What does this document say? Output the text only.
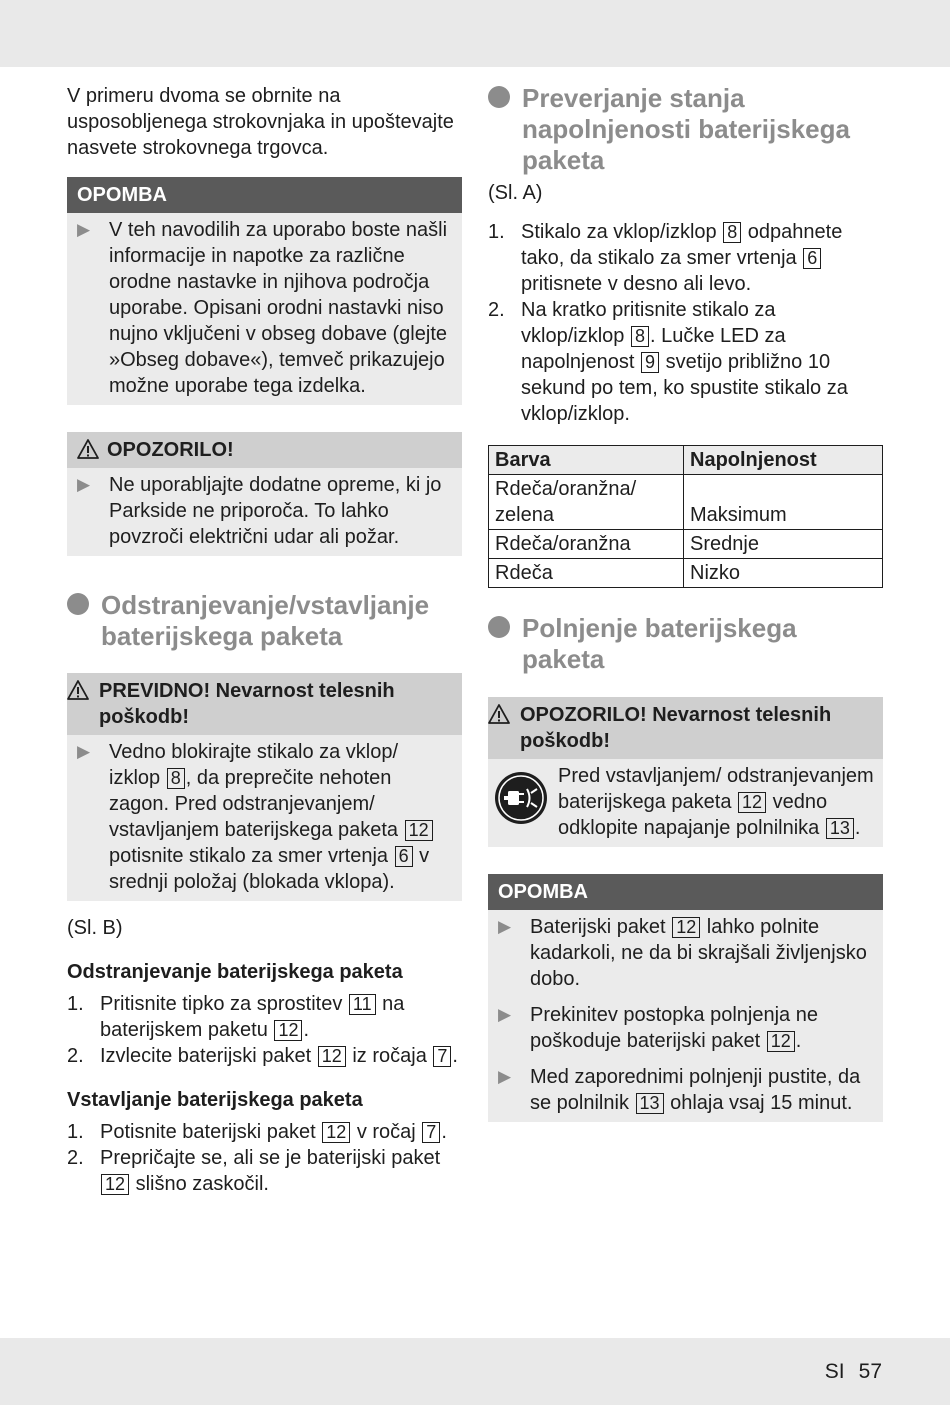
V primeru dvoma se obrnite na usposobljenega strokovnjaka in upoštevajte nasvete strokovnega trgovca.

OPOMBA
▶ V teh navodilih za uporabo boste našli informacije in napotke za različne orodne nastavke in njihova področja uporabe. Opisani orodni nastavki niso nujno vključeni v obseg dobave (glejte »Obseg dobave«), temveč prikazujejo možne uporabe tega izdelka.
OPOZORILO!
▶ Ne uporabljajte dodatne opreme, ki jo Parkside ne priporoča. To lahko povzroči električni udar ali požar.
Odstranjevanje/vstavljanje baterijskega paketa
PREVIDNO! Nevarnost telesnih poškodb!
▶ Vedno blokirajte stikalo za vklop/ izklop 8 , da preprečite nehoten zagon. Pred odstranjevanjem/ vstavljanjem baterijskega paketa 12 potisnite stikalo za smer vrtenja 6 v srednji položaj (blokada vklopa).

(Sl. B)

Odstranjevanje baterijskega paketa
1. Pritisnite tipko za sprostitev 11 na baterijskem paketu 12 .
2. Izvlecite baterijski paket 12 iz ročaja 7 .
Vstavljanje baterijskega paketa
1. Potisnite baterijski paket 12 v ročaj 7 .
2. Prepričajte se, ali se je baterijski paket 12 slišno zaskočil.
Preverjanje stanja napolnjenosti baterijskega paketa

(Sl. A)

1. Stikalo za vklop/izklop 8 odpahnete tako, da stikalo za smer vrtenja 6 pritisnete v desno ali levo.
2. Na kratko pritisnite stikalo za vklop/izklop 8 . Lučke LED za napolnjenost 9 svetijo približno 10 sekund po tem, ko spustite stikalo za vklop/izklop.
Barva	Napolnjenost
Rdeča/oranžna/ zelena	Maksimum
Rdeča/oranžna	Srednje
Rdeča	Nizko
Polnjenje baterijskega paketa
OPOZORILO! Nevarnost telesnih poškodb!
Pred vstavljanjem/ odstranjevanjem baterijskega paketa 12 vedno odklopite napajanje polnilnika 13 .
OPOMBA
▶ Baterijski paket 12 lahko polnite kadarkoli, ne da bi skrajšali življenjsko dobo.
▶ Prekinitev postopka polnjenja ne poškoduje baterijski paket 12 .
▶ Med zaporednimi polnjenji pustite, da se polnilnik 13 ohlaja vsaj 15 minut.
SI 57
